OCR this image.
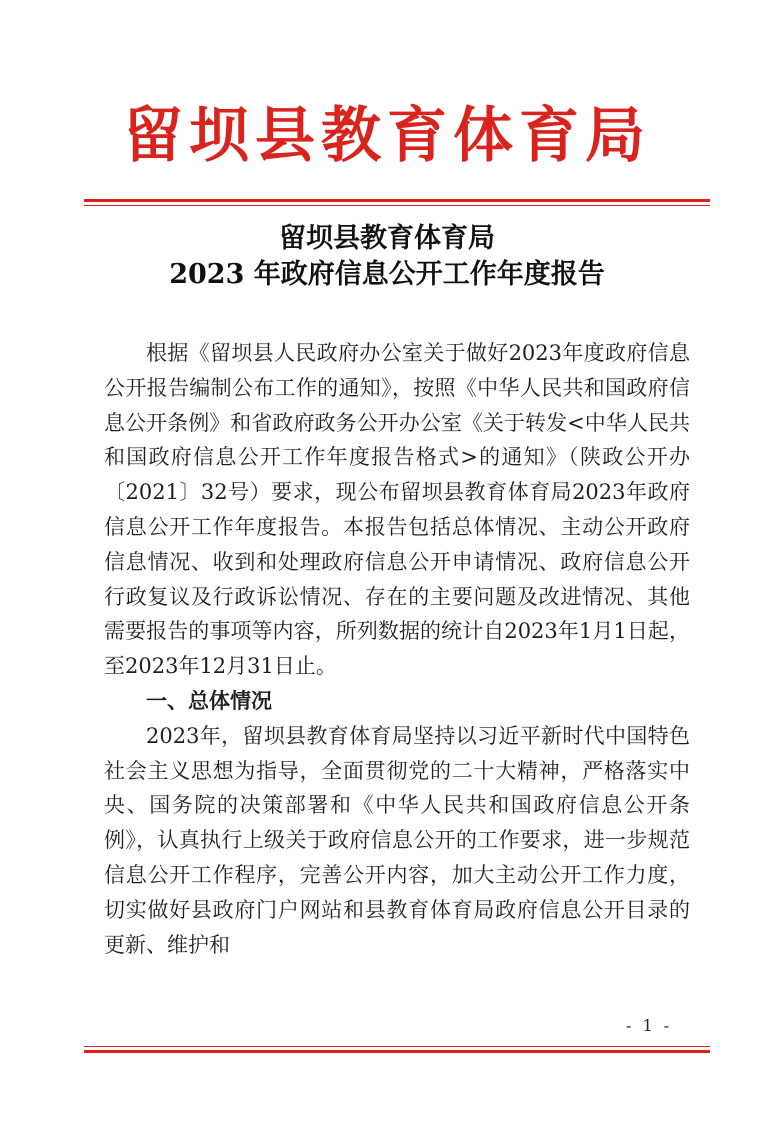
留坝县教育体育局
留坝县教育体育局
2023 年政府信息公开工作年度报告

根据《留坝县人民政府办公室关于做好2023年度政府信息公开报告编制公布工作的通知》，按照《中华人民共和国政府信息公开条例》和省政府政务公开办公室《关于转发<中华人民共和国政府信息公开工作年度报告格式>的通知》（陕政公开办〔2021〕32号）要求，现公布留坝县教育体育局2023年政府信息公开工作年度报告。本报告包括总体情况、主动公开政府信息情况、收到和处理政府信息公开申请情况、政府信息公开行政复议及行政诉讼情况、存在的主要问题及改进情况、其他需要报告的事项等内容，所列数据的统计自2023年1月1日起，至2023年12月31日止。

一、总体情况

2023年，留坝县教育体育局坚持以习近平新时代中国特色社会主义思想为指导，全面贯彻党的二十大精神，严格落实中央、国务院的决策部署和《中华人民共和国政府信息公开条例》，认真执行上级关于政府信息公开的工作要求，进一步规范信息公开工作程序，完善公开内容，加大主动公开工作力度，切实做好县政府门户网站和县教育体育局政府信息公开目录的更新、维护和

- 1 -
